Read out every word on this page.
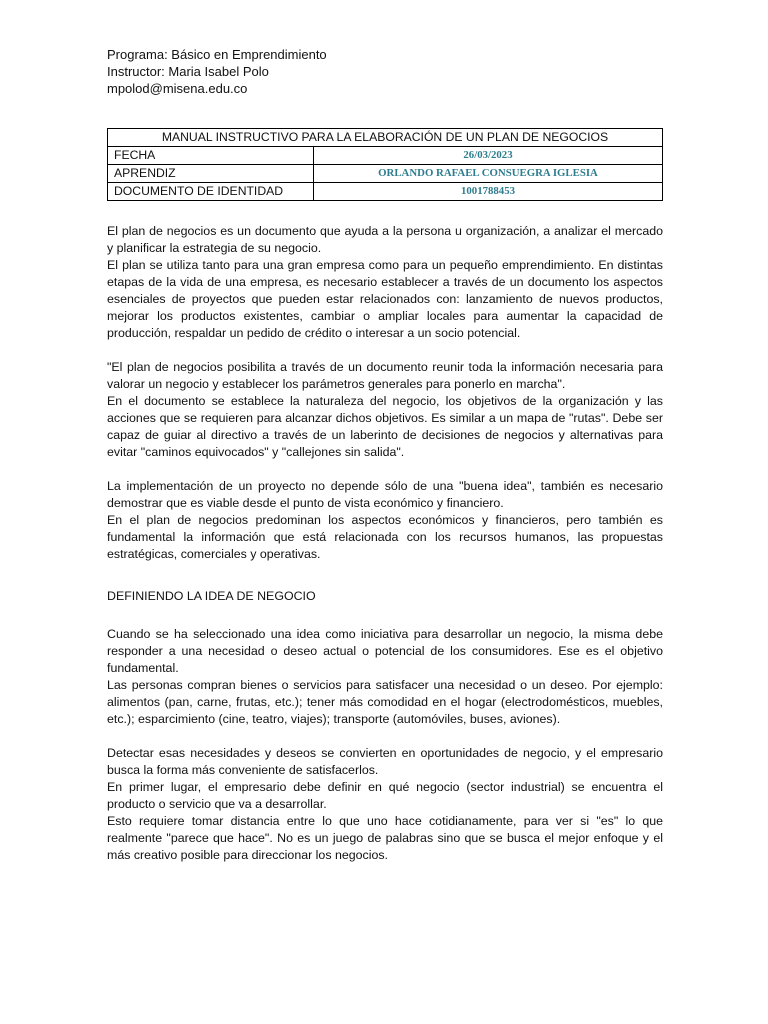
Programa: Básico en Emprendimiento

Instructor: Maria Isabel Polo

mpolod@misena.edu.co

MANUAL INSTRUCTIVO PARA LA ELABORACIÓN DE UN PLAN DE NEGOCIOS	
FECHA	26/03/2023
APRENDIZ	ORLANDO RAFAEL CONSUEGRA IGLESIA
DOCUMENTO DE IDENTIDAD	1001788453

El plan de negocios es un documento que ayuda a la persona u organización, a analizar el mercado y planificar la estrategia de su negocio.

El plan se utiliza tanto para una gran empresa como para un pequeño emprendimiento. En distintas etapas de la vida de una empresa, es necesario establecer a través de un documento los aspectos esenciales de proyectos que pueden estar relacionados con: lanzamiento de nuevos productos, mejorar los productos existentes, cambiar o ampliar locales para aumentar la capacidad de producción, respaldar un pedido de crédito o interesar a un socio potencial.

"El plan de negocios posibilita a través de un documento reunir toda la información necesaria para valorar un negocio y establecer los parámetros generales para ponerlo en marcha".

En el documento se establece la naturaleza del negocio, los objetivos de la organización y las acciones que se requieren para alcanzar dichos objetivos. Es similar a un mapa de "rutas". Debe ser capaz de guiar al directivo a través de un laberinto de decisiones de negocios y alternativas para evitar "caminos equivocados" y "callejones sin salida".

La implementación de un proyecto no depende sólo de una "buena idea", también es necesario demostrar que es viable desde el punto de vista económico y financiero.

En el plan de negocios predominan los aspectos económicos y financieros, pero también es fundamental la información que está relacionada con los recursos humanos, las propuestas estratégicas, comerciales y operativas.

DEFINIENDO LA IDEA DE NEGOCIO

Cuando se ha seleccionado una idea como iniciativa para desarrollar un negocio, la misma debe responder a una necesidad o deseo actual o potencial de los consumidores. Ese es el objetivo fundamental.

Las personas compran bienes o servicios para satisfacer una necesidad o un deseo. Por ejemplo: alimentos (pan, carne, frutas, etc.); tener más comodidad en el hogar (electrodomésticos, muebles, etc.); esparcimiento (cine, teatro, viajes); transporte (automóviles, buses, aviones).

Detectar esas necesidades y deseos se convierten en oportunidades de negocio, y el empresario busca la forma más conveniente de satisfacerlos.

En primer lugar, el empresario debe definir en qué negocio (sector industrial) se encuentra el producto o servicio que va a desarrollar.

Esto requiere tomar distancia entre lo que uno hace cotidianamente, para ver si "es" lo que realmente "parece que hace". No es un juego de palabras sino que se busca el mejor enfoque y el más creativo posible para direccionar los negocios.
